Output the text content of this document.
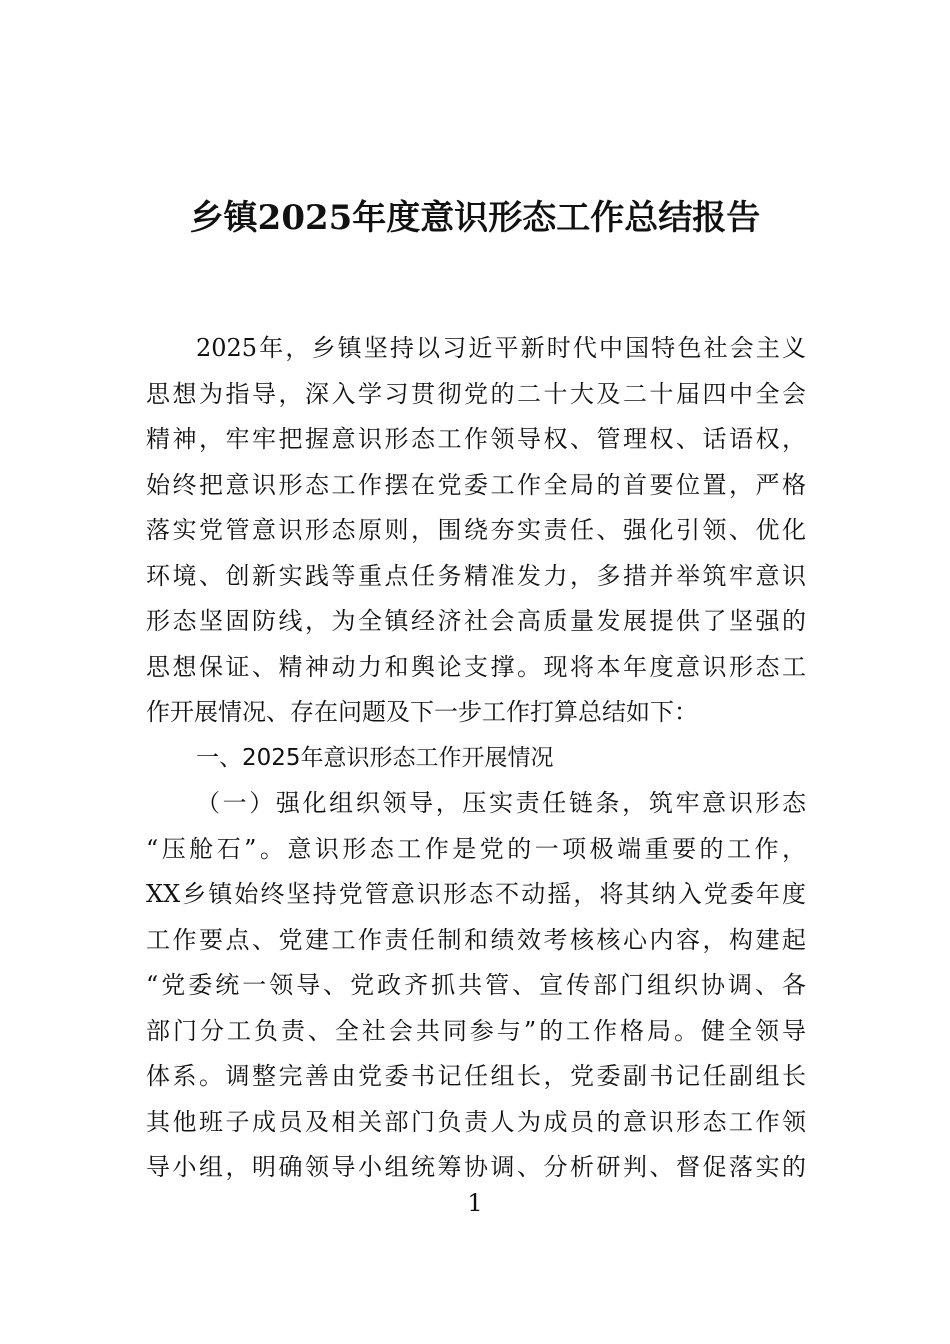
乡镇2025年度意识形态工作总结报告
2025年，乡镇坚持以习近平新时代中国特色社会主义
思想为指导，深入学习贯彻党的二十大及二十届四中全会
精神，牢牢把握意识形态工作领导权、管理权、话语权，
始终把意识形态工作摆在党委工作全局的首要位置，严格
落实党管意识形态原则，围绕夯实责任、强化引领、优化
环境、创新实践等重点任务精准发力，多措并举筑牢意识
形态坚固防线，为全镇经济社会高质量发展提供了坚强的
思想保证、精神动力和舆论支撑。现将本年度意识形态工
作开展情况、存在问题及下一步工作打算总结如下：
一、2025年意识形态工作开展情况
（一）强化组织领导，压实责任链条，筑牢意识形态
“压舱石”。意识形态工作是党的一项极端重要的工作，
XX乡镇始终坚持党管意识形态不动摇，将其纳入党委年度
工作要点、党建工作责任制和绩效考核核心内容，构建起
“党委统一领导、党政齐抓共管、宣传部门组织协调、各
部门分工负责、全社会共同参与”的工作格局。健全领导
体系。调整完善由党委书记任组长，党委副书记任副组长
其他班子成员及相关部门负责人为成员的意识形态工作领
导小组，明确领导小组统筹协调、分析研判、督促落实的
1
